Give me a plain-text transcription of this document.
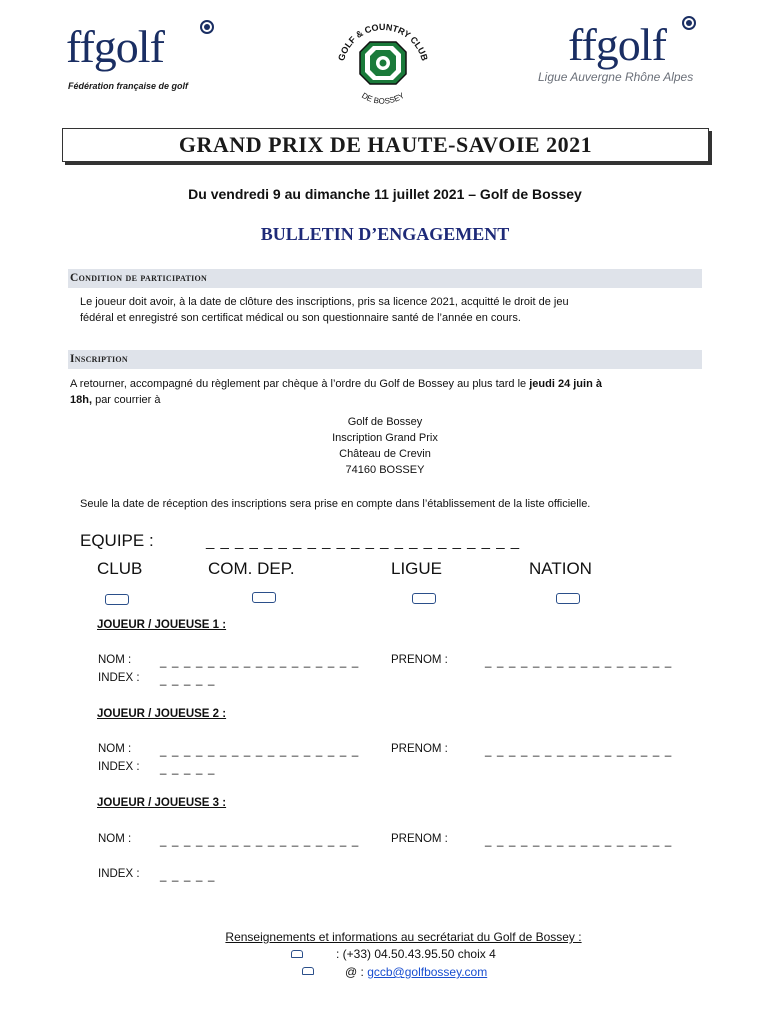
ffgolf
Fédération française de golf
GOLF & COUNTRY CLUB
DE BOSSEY
ffgolf
Ligue Auvergne Rhône Alpes
GRAND PRIX DE HAUTE-SAVOIE 2021
Du vendredi 9 au dimanche 11 juillet 2021 – Golf de Bossey
BULLETIN D’ENGAGEMENT
Condition de participation
Le joueur doit avoir, à la date de clôture des inscriptions, pris sa licence 2021, acquitté le droit de jeu
fédéral et enregistré son certificat médical ou son questionnaire santé de l’année en cours.
Inscription
A retourner, accompagné du règlement par chèque à l’ordre du Golf de Bossey au plus tard le jeudi 24 juin à
18h, par courrier à
Golf de Bossey
Inscription Grand Prix
Château de Crevin
74160 BOSSEY
Seule la date de réception des inscriptions sera prise en compte dans l’établissement de la liste officielle.
EQUIPE :	_ _ _ _ _ _ _ _ _ _ _ _ _ _ _ _ _ _ _ _ _ _
CLUB	COM. DEP.	LIGUE	NATION
JOUEUR / JOUEUSE 1 :
NOM :	_ _ _ _ _ _ _ _ _ _ _ _ _ _ _ _ _	PRENOM :	_ _ _ _ _ _ _ _ _ _ _ _ _ _ _ _
INDEX : _ _ _ _ _
JOUEUR / JOUEUSE 2 :
NOM :	_ _ _ _ _ _ _ _ _ _ _ _ _ _ _ _ _	PRENOM :	_ _ _ _ _ _ _ _ _ _ _ _ _ _ _ _
INDEX : _ _ _ _ _
JOUEUR / JOUEUSE 3 :
NOM :	_ _ _ _ _ _ _ _ _ _ _ _ _ _ _ _ _	PRENOM :	_ _ _ _ _ _ _ _ _ _ _ _ _ _ _ _
INDEX : _ _ _ _ _
Renseignements et informations au secrétariat du Golf de Bossey :
: (+33) 04.50.43.95.50 choix 4
@ : gccb@golfbossey.com
